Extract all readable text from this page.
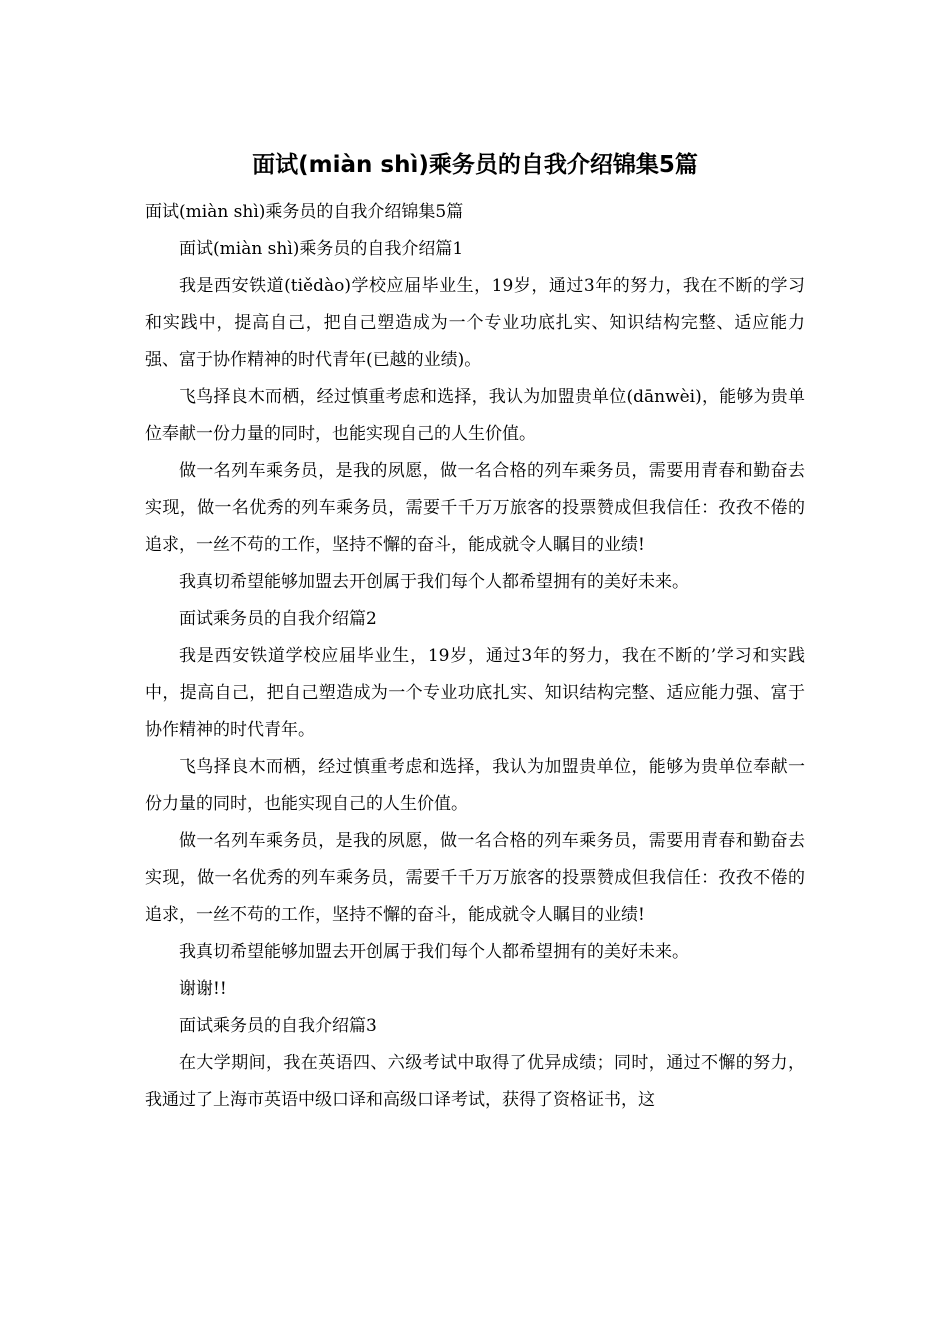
面试(miàn shì)乘务员的自我介绍锦集5篇

面试(miàn shì)乘务员的自我介绍锦集5篇

面试(miàn shì)乘务员的自我介绍篇1

我是西安铁道(tiědào)学校应届毕业生，19岁，通过3年的努力，我在不断的学习和实践中，提高自己，把自己塑造成为一个专业功底扎实、知识结构完整、适应能力强、富于协作精神的时代青年(已越的业绩)。

飞鸟择良木而栖，经过慎重考虑和选择，我认为加盟贵单位(dānwèi)，能够为贵单位奉献一份力量的同时，也能实现自己的人生价值。

做一名列车乘务员，是我的夙愿，做一名合格的列车乘务员，需要用青春和勤奋去实现，做一名优秀的列车乘务员，需要千千万万旅客的投票赞成但我信任：孜孜不倦的追求，一丝不苟的工作，坚持不懈的奋斗，能成就令人瞩目的业绩!

我真切希望能够加盟去开创属于我们每个人都希望拥有的美好未来。

面试乘务员的自我介绍篇2

我是西安铁道学校应届毕业生，19岁，通过3年的努力，我在不断的’学习和实践中，提高自己，把自己塑造成为一个专业功底扎实、知识结构完整、适应能力强、富于协作精神的时代青年。

飞鸟择良木而栖，经过慎重考虑和选择，我认为加盟贵单位，能够为贵单位奉献一份力量的同时，也能实现自己的人生价值。

做一名列车乘务员，是我的夙愿，做一名合格的列车乘务员，需要用青春和勤奋去实现，做一名优秀的列车乘务员，需要千千万万旅客的投票赞成但我信任：孜孜不倦的追求，一丝不苟的工作，坚持不懈的奋斗，能成就令人瞩目的业绩!

我真切希望能够加盟去开创属于我们每个人都希望拥有的美好未来。

谢谢!!

面试乘务员的自我介绍篇3

在大学期间，我在英语四、六级考试中取得了优异成绩；同时，通过不懈的努力，我通过了上海市英语中级口译和高级口译考试，获得了资格证书，这
